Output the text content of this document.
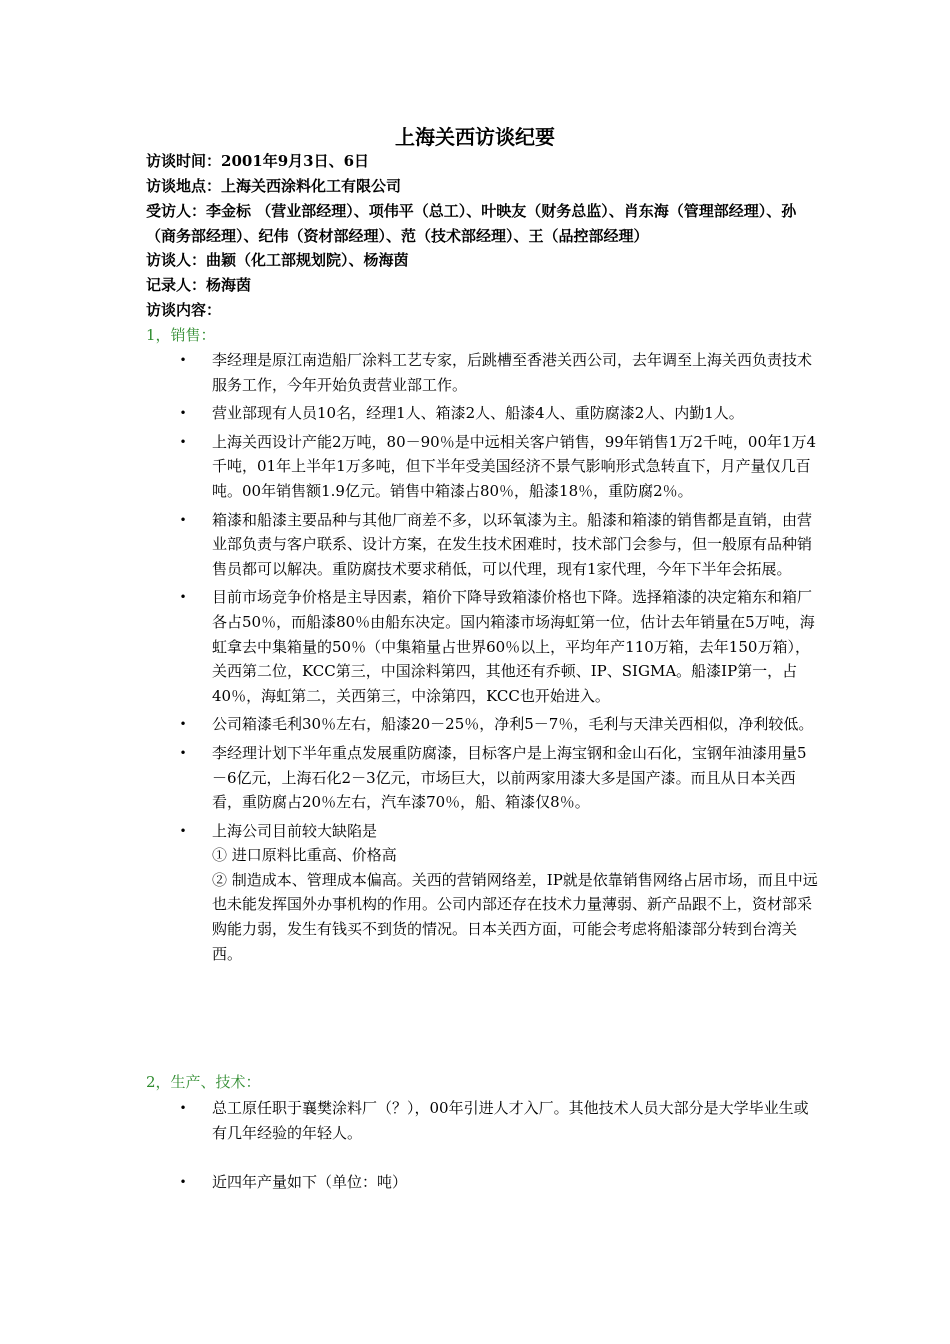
上海关西访谈纪要
访谈时间：2001年9月3日、6日
访谈地点：上海关西涂料化工有限公司
受访人：李金标 （营业部经理）、项伟平（总工）、叶映友（财务总监）、肖东海（管理部经理）、孙（商务部经理）、纪伟（资材部经理）、范（技术部经理）、王（品控部经理）
访谈人：曲颖（化工部规划院）、杨海茵
记录人：杨海茵
访谈内容：
1，销售：
• 李经理是原江南造船厂涂料工艺专家，后跳槽至香港关西公司，去年调至上海关西负责技术服务工作，今年开始负责营业部工作。
• 营业部现有人员10名，经理1人、箱漆2人、船漆4人、重防腐漆2人、内勤1人。
• 上海关西设计产能2万吨，80－90％是中远相关客户销售，99年销售1万2千吨，00年1万4千吨，01年上半年1万多吨，但下半年受美国经济不景气影响形式急转直下，月产量仅几百吨。00年销售额1.9亿元。销售中箱漆占80％，船漆18％，重防腐2％。
• 箱漆和船漆主要品种与其他厂商差不多，以环氧漆为主。船漆和箱漆的销售都是直销，由营业部负责与客户联系、设计方案，在发生技术困难时，技术部门会参与，但一般原有品种销售员都可以解决。重防腐技术要求稍低，可以代理，现有1家代理，今年下半年会拓展。
• 目前市场竞争价格是主导因素，箱价下降导致箱漆价格也下降。选择箱漆的决定箱东和箱厂各占50％，而船漆80％由船东决定。国内箱漆市场海虹第一位，估计去年销量在5万吨，海虹拿去中集箱量的50％（中集箱量占世界60％以上，平均年产110万箱，去年150万箱），关西第二位，KCC第三，中国涂料第四，其他还有乔顿、IP、SIGMA。船漆IP第一，占40％，海虹第二，关西第三，中涂第四，KCC也开始进入。
• 公司箱漆毛利30％左右，船漆20－25％，净利5－7％，毛利与天津关西相似，净利较低。
• 李经理计划下半年重点发展重防腐漆，目标客户是上海宝钢和金山石化，宝钢年油漆用量5－6亿元，上海石化2－3亿元，市场巨大，以前两家用漆大多是国产漆。而且从日本关西看，重防腐占20％左右，汽车漆70％，船、箱漆仅8％。
• 上海公司目前较大缺陷是
① 进口原料比重高、价格高
② 制造成本、管理成本偏高。关西的营销网络差，IP就是依靠销售网络占居市场，而且中远也未能发挥国外办事机构的作用。公司内部还存在技术力量薄弱、新产品跟不上，资材部采购能力弱，发生有钱买不到货的情况。日本关西方面，可能会考虑将船漆部分转到台湾关西。
2，生产、技术：
• 总工原任职于襄樊涂料厂（？），00年引进人才入厂。其他技术人员大部分是大学毕业生或有几年经验的年轻人。
• 近四年产量如下（单位：吨）
